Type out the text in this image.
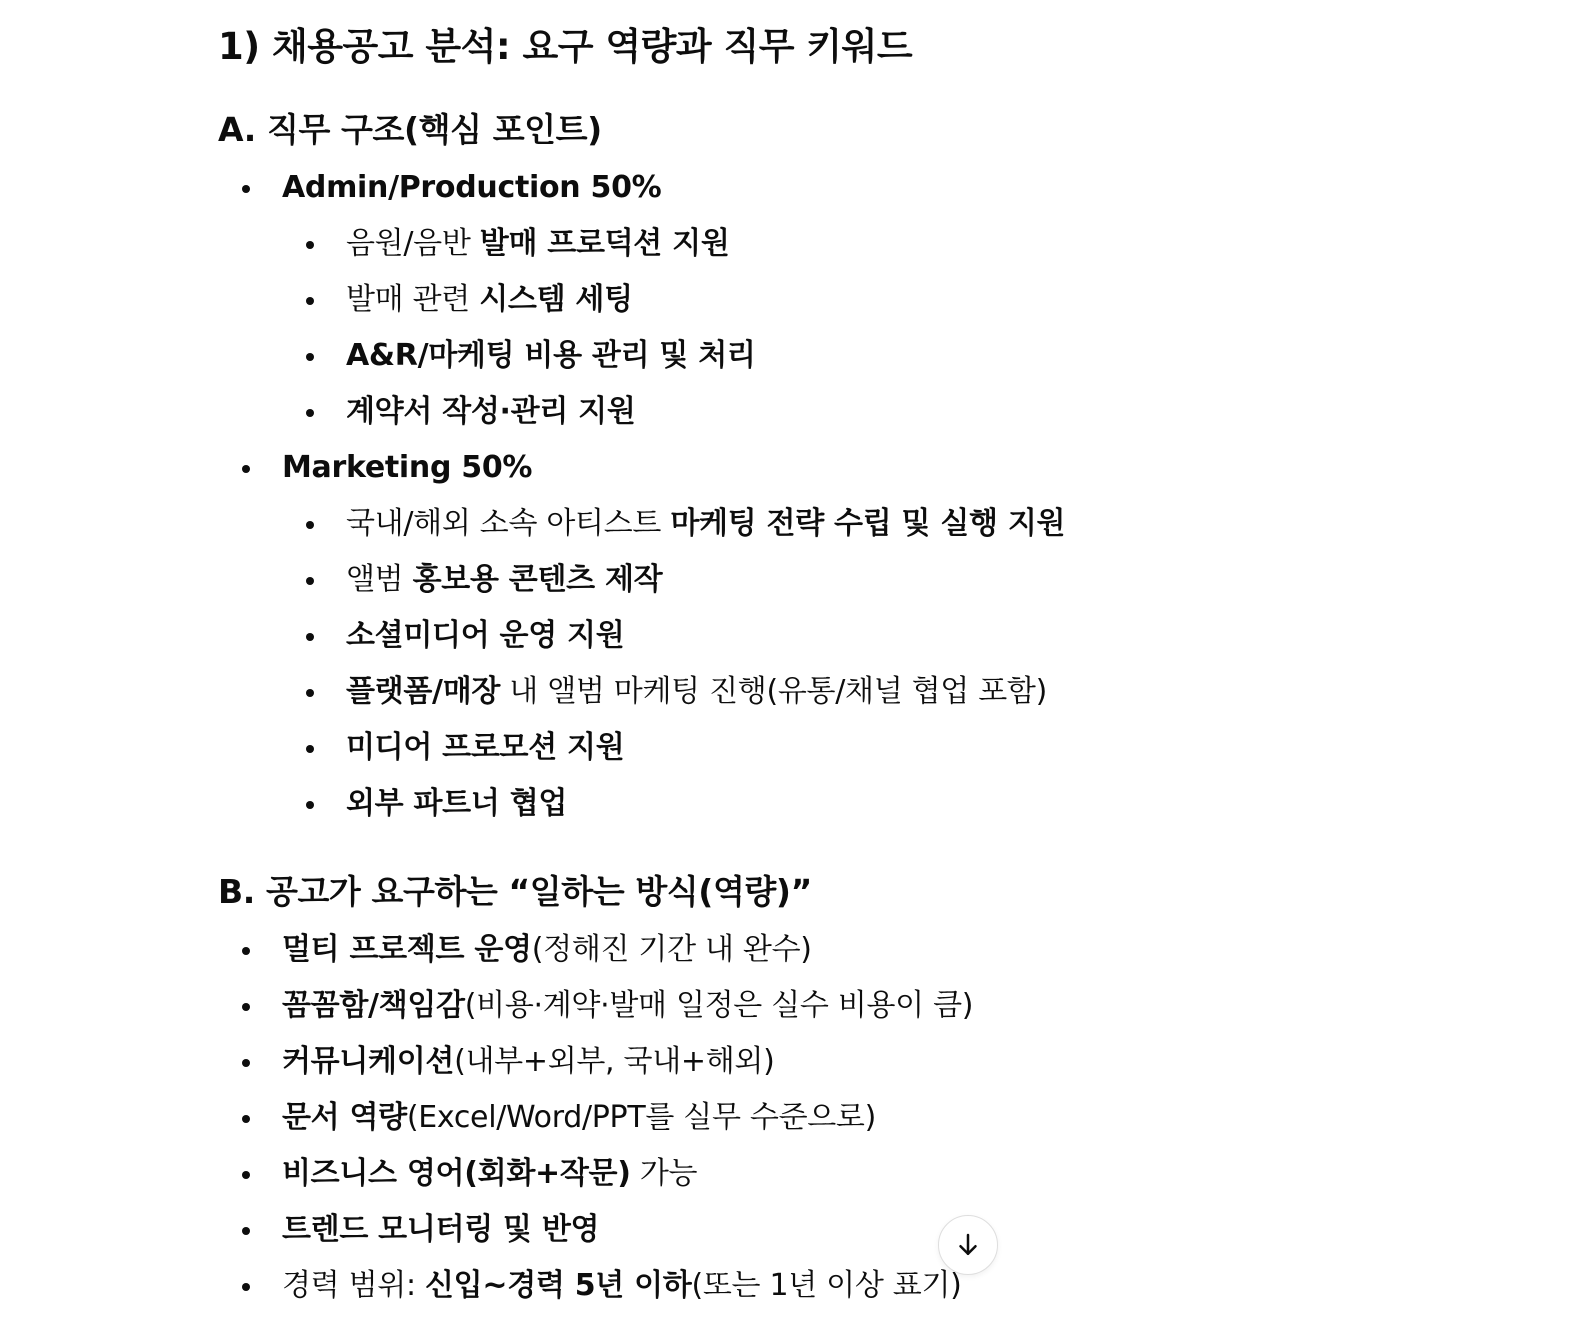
1) 채용공고 분석: 요구 역량과 직무 키워드
A. 직무 구조(핵심 포인트)
Admin/Production 50%
음원/음반 발매 프로덕션 지원
발매 관련 시스템 세팅
A&R/마케팅 비용 관리 및 처리
계약서 작성·관리 지원
Marketing 50%
국내/해외 소속 아티스트 마케팅 전략 수립 및 실행 지원
앨범 홍보용 콘텐츠 제작
소셜미디어 운영 지원
플랫폼/매장 내 앨범 마케팅 진행(유통/채널 협업 포함)
미디어 프로모션 지원
외부 파트너 협업
B. 공고가 요구하는 “일하는 방식(역량)”
멀티 프로젝트 운영(정해진 기간 내 완수)
꼼꼼함/책임감(비용·계약·발매 일정은 실수 비용이 큼)
커뮤니케이션(내부+외부, 국내+해외)
문서 역량(Excel/Word/PPT를 실무 수준으로)
비즈니스 영어(회화+작문) 가능
트렌드 모니터링 및 반영
경력 범위: 신입~경력 5년 이하(또는 1년 이상 표기)
